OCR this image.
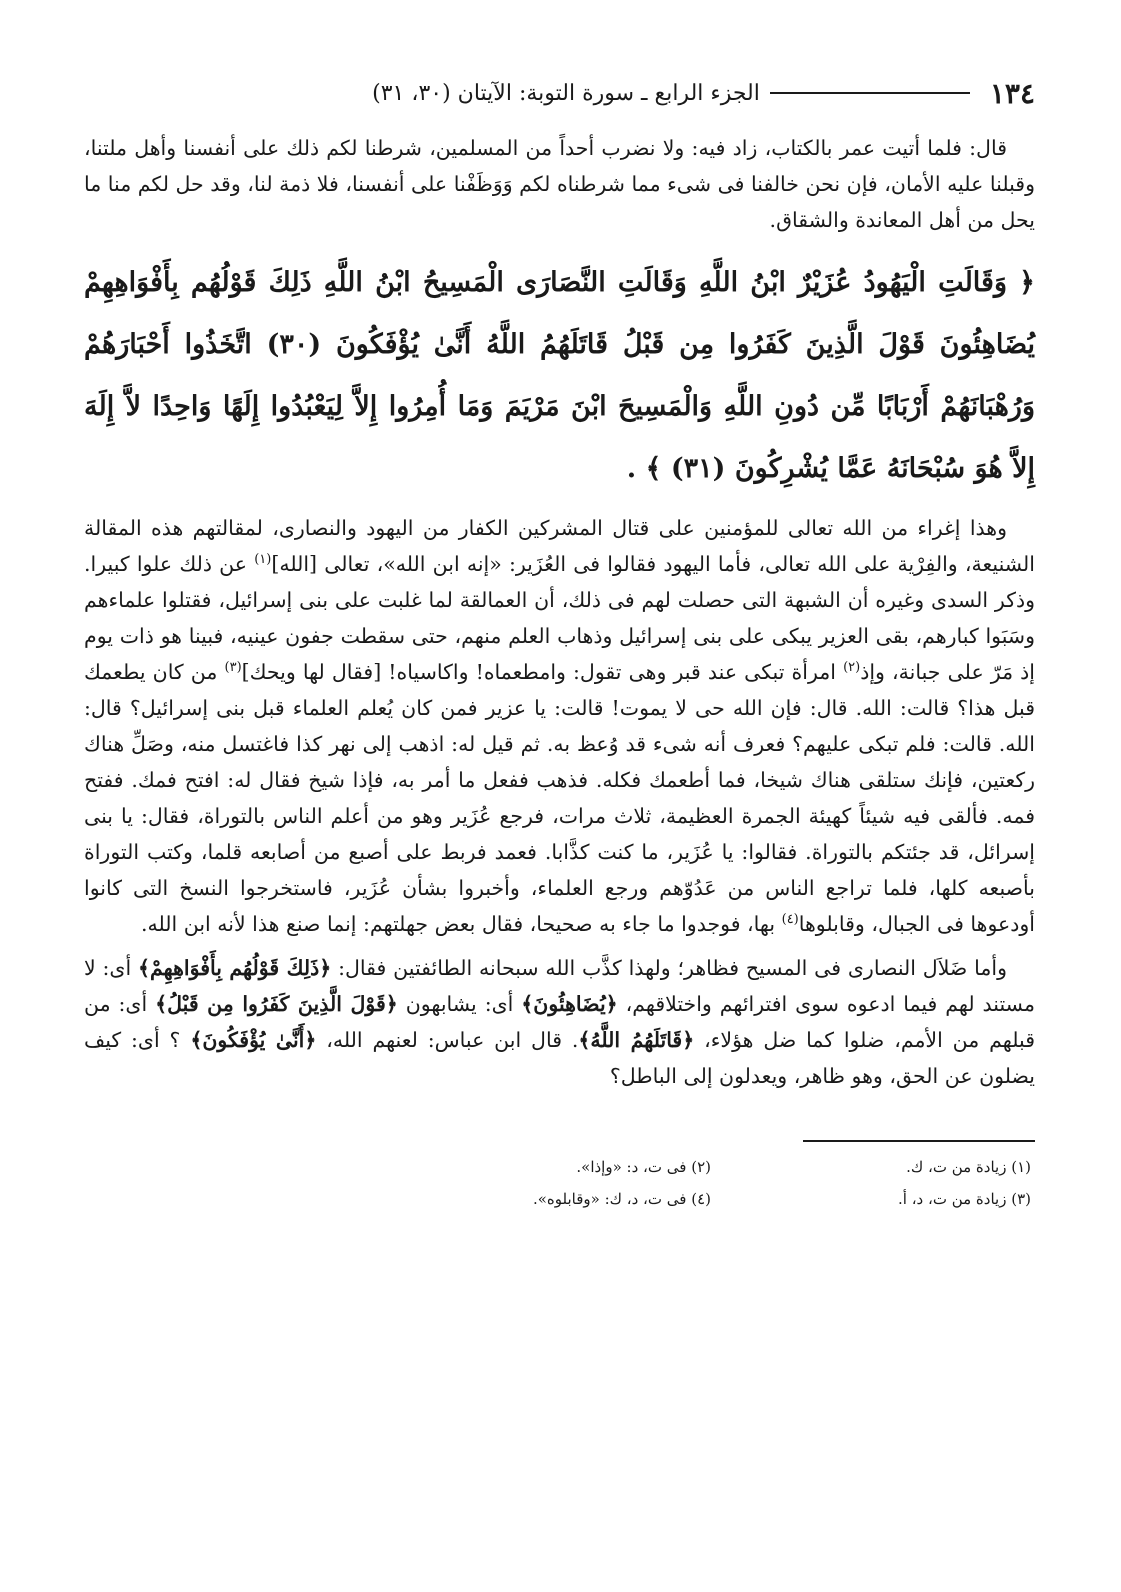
١٣٤
الجزء الرابع ـ سورة التوبة: الآيتان (٣٠، ٣١)

قال: فلما أتيت عمر بالكتاب، زاد فيه: ولا نضرب أحداً من المسلمين، شرطنا لكم ذلك على أنفسنا وأهل ملتنا، وقبلنا عليه الأمان، فإن نحن خالفنا فى شىء مما شرطناه لكم وَوَظَفْنا على أنفسنا، فلا ذمة لنا، وقد حل لكم منا ما يحل من أهل المعاندة والشقاق.

﴿ وَقَالَتِ الْيَهُودُ عُزَيْرٌ ابْنُ اللَّهِ وَقَالَتِ النَّصَارَى الْمَسِيحُ ابْنُ اللَّهِ ذَلِكَ قَوْلُهُم بِأَفْوَاهِهِمْ يُضَاهِئُونَ قَوْلَ الَّذِينَ كَفَرُوا مِن قَبْلُ قَاتَلَهُمُ اللَّهُ أَنَّىٰ يُؤْفَكُونَ (٣٠) اتَّخَذُوا أَحْبَارَهُمْ وَرُهْبَانَهُمْ أَرْبَابًا مِّن دُونِ اللَّهِ وَالْمَسِيحَ ابْنَ مَرْيَمَ وَمَا أُمِرُوا إِلاَّ لِيَعْبُدُوا إِلَهًا وَاحِدًا لاَّ إِلَهَ إِلاَّ هُوَ سُبْحَانَهُ عَمَّا يُشْرِكُونَ (٣١) ﴾ .

وهذا إغراء من الله تعالى للمؤمنين على قتال المشركين الكفار من اليهود والنصارى، لمقالتهم هذه المقالة الشنيعة، والفِرْية على الله تعالى، فأما اليهود فقالوا فى العُزَير: «إنه ابن الله»، تعالى [الله]$^{(١)}$ عن ذلك علوا كبيرا. وذكر السدى وغيره أن الشبهة التى حصلت لهم فى ذلك، أن العمالقة لما غلبت على بنى إسرائيل، فقتلوا علماءهم وسَبَوا كبارهم، بقى العزير يبكى على بنى إسرائيل وذهاب العلم منهم، حتى سقطت جفون عينيه، فبينا هو ذات يوم إذ مَرّ على جبانة، وإذ$^{(٢)}$ امرأة تبكى عند قبر وهى تقول: وامطعماه! واكاسياه! [فقال لها ويحك]$^{(٣)}$ من كان يطعمك قبل هذا؟ قالت: الله. قال: فإن الله حى لا يموت! قالت: يا عزير فمن كان يُعلم العلماء قبل بنى إسرائيل؟ قال: الله. قالت: فلم تبكى عليهم؟ فعرف أنه شىء قد وُعظ به. ثم قيل له: اذهب إلى نهر كذا فاغتسل منه، وصَلِّ هناك ركعتين، فإنك ستلقى هناك شيخا، فما أطعمك فكله. فذهب ففعل ما أمر به، فإذا شيخ فقال له: افتح فمك. ففتح فمه. فألقى فيه شيئاً كهيئة الجمرة العظيمة، ثلاث مرات، فرجع عُزَير وهو من أعلم الناس بالتوراة، فقال: يا بنى إسرائل، قد جئتكم بالتوراة. فقالوا: يا عُزَير، ما كنت كذَّابا. فعمد فربط على أصبع من أصابعه قلما، وكتب التوراة بأصبعه كلها، فلما تراجع الناس من عَدُوّهم ورجع العلماء، وأخبروا بشأن عُزَير، فاستخرجوا النسخ التى كانوا أودعوها فى الجبال، وقابلوها$^{(٤)}$ بها، فوجدوا ما جاء به صحيحا، فقال بعض جهلتهم: إنما صنع هذا لأنه ابن الله.

وأما ضَلاَل النصارى فى المسيح فظاهر؛ ولهذا كذَّب الله سبحانه الطائفتين فقال: ﴿ذَلِكَ قَوْلُهُم بِأَفْوَاهِهِمْ﴾ أى: لا مستند لهم فيما ادعوه سوى افترائهم واختلاقهم، ﴿يُضَاهِئُونَ﴾ أى: يشابهون ﴿قَوْلَ الَّذِينَ كَفَرُوا مِن قَبْلُ﴾ أى: من قبلهم من الأمم، ضلوا كما ضل هؤلاء، ﴿قَاتَلَهُمُ اللَّهُ﴾. قال ابن عباس: لعنهم الله، ﴿أَنَّىٰ يُؤْفَكُونَ﴾ ؟ أى: كيف يضلون عن الحق، وهو ظاهر، ويعدلون إلى الباطل؟

(١) زيادة من ت، ك.
(٢) فى ت، د: «وإذا».
(٣) زيادة من ت، د، أ.
(٤) فى ت، د، ك: «وقابلوه».
